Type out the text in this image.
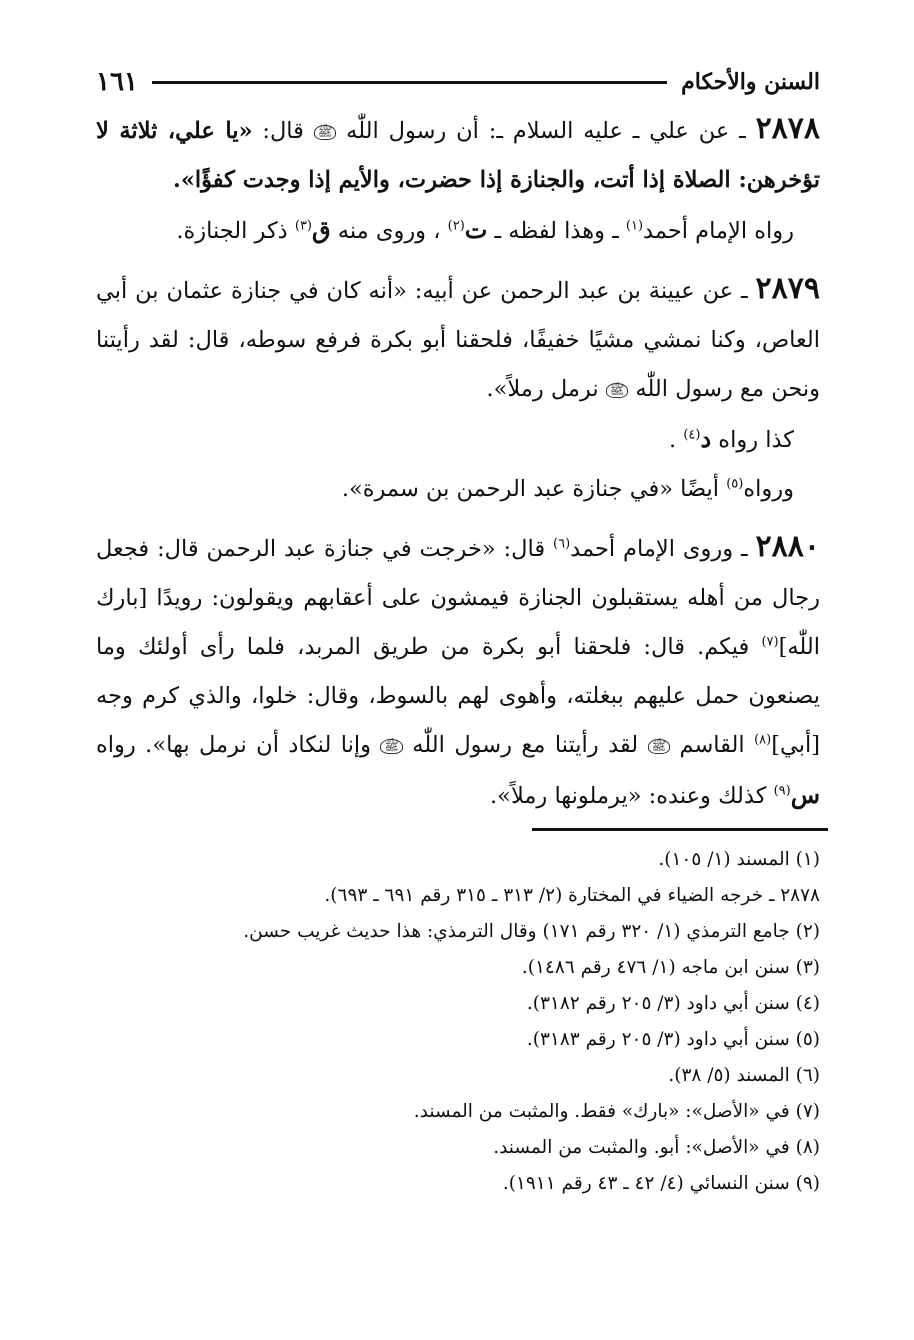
السنن والأحكام
١٦١

٢٨٧٨ ـ عن علي ـ عليه السلام ـ: أن رسول اللّٰه ﷺ قال: «يا علي، ثلاثة لا تؤخرهن: الصلاة إذا أتت، والجنازة إذا حضرت، والأيم إذا وجدت كفؤًا».

رواه الإمام أحمد$^{(١)}$ ـ وهذا لفظه ـ ت$^{(٢)}$ ، وروى منه ق$^{(٣)}$ ذكر الجنازة.

٢٨٧٩ ـ عن عيينة بن عبد الرحمن عن أبيه: «أنه كان في جنازة عثمان بن أبي العاص، وكنا نمشي مشيًا خفيفًا، فلحقنا أبو بكرة فرفع سوطه، قال: لقد رأيتنا ونحن مع رسول اللّٰه ﷺ نرمل رملاً».

كذا رواه د$^{(٤)}$ .

ورواه$^{(٥)}$ أيضًا «في جنازة عبد الرحمن بن سمرة».

٢٨٨٠ ـ وروى الإمام أحمد$^{(٦)}$ قال: «خرجت في جنازة عبد الرحمن قال: فجعل رجال من أهله يستقبلون الجنازة فيمشون على أعقابهم ويقولون: رويدًا [بارك اللّٰه]$^{(٧)}$ فيكم. قال: فلحقنا أبو بكرة من طريق المربد، فلما رأى أولئك وما يصنعون حمل عليهم ببغلته، وأهوى لهم بالسوط، وقال: خلوا، والذي كرم وجه [أبي]$^{(٨)}$ القاسم ﷺ لقد رأيتنا مع رسول اللّٰه ﷺ وإنا لنكاد أن نرمل بها». رواه س$^{(٩)}$ كذلك وعنده: «يرملونها رملاً».

(١) المسند (١/ ١٠٥).

٢٨٧٨ ـ خرجه الضياء في المختارة (٢/ ٣١٣ ـ ٣١٥ رقم ٦٩١ ـ ٦٩٣).

(٢) جامع الترمذي (١/ ٣٢٠ رقم ١٧١) وقال الترمذي: هذا حديث غريب حسن.

(٣) سنن ابن ماجه (١/ ٤٧٦ رقم ١٤٨٦).

(٤) سنن أبي داود (٣/ ٢٠٥ رقم ٣١٨٢).

(٥) سنن أبي داود (٣/ ٢٠٥ رقم ٣١٨٣).

(٦) المسند (٥/ ٣٨).

(٧) في «الأصل»: «بارك» فقط. والمثبت من المسند.

(٨) في «الأصل»: أبو. والمثبت من المسند.

(٩) سنن النسائي (٤/ ٤٢ ـ ٤٣ رقم ١٩١١).
